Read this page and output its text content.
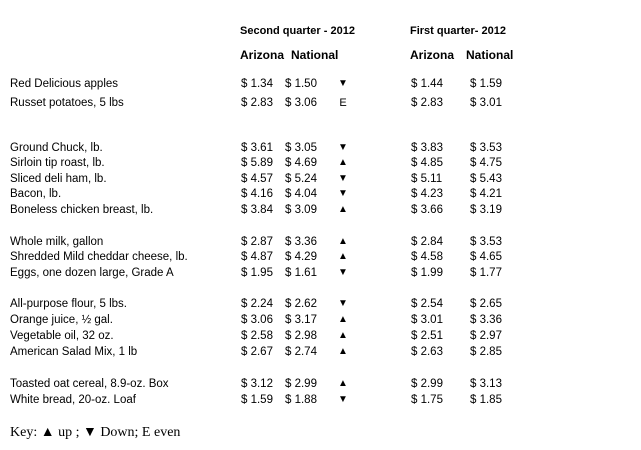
Second quarter - 2012	First quarter- 2012
Arizona National	Arizona National
Red Delicious apples	$ 1.34 $ 1.50 ▼	$ 1.44 $ 1.59
Russet potatoes, 5 lbs	$ 2.83 $ 3.06 E	$ 2.83 $ 3.01
Ground Chuck, lb.	$ 3.61 $ 3.05 ▼	$ 3.83 $ 3.53
Sirloin tip roast, lb.	$ 5.89 $ 4.69 ▲	$ 4.85 $ 4.75
Sliced deli ham, lb.	$ 4.57 $ 5.24 ▼	$ 5.11 $ 5.43
Bacon, lb.	$ 4.16 $ 4.04 ▼	$ 4.23 $ 4.21
Boneless chicken breast, lb.	$ 3.84 $ 3.09 ▲	$ 3.66 $ 3.19
Whole milk, gallon	$ 2.87 $ 3.36 ▲	$ 2.84 $ 3.53
Shredded Mild cheddar cheese, lb.	$ 4.87 $ 4.29 ▲	$ 4.58 $ 4.65
Eggs, one dozen large, Grade A	$ 1.95 $ 1.61 ▼	$ 1.99 $ 1.77
All-purpose flour, 5 lbs.	$ 2.24 $ 2.62 ▼	$ 2.54 $ 2.65
Orange juice, ½ gal.	$ 3.06 $ 3.17 ▲	$ 3.01 $ 3.36
Vegetable oil, 32 oz.	$ 2.58 $ 2.98 ▲	$ 2.51 $ 2.97
American Salad Mix, 1 lb	$ 2.67 $ 2.74 ▲	$ 2.63 $ 2.85
Toasted oat cereal, 8.9-oz. Box	$ 3.12 $ 2.99 ▲	$ 2.99 $ 3.13
White bread, 20-oz. Loaf	$ 1.59 $ 1.88 ▼	$ 1.75 $ 1.85
Key: ▲ up ; ▼ Down; E even
